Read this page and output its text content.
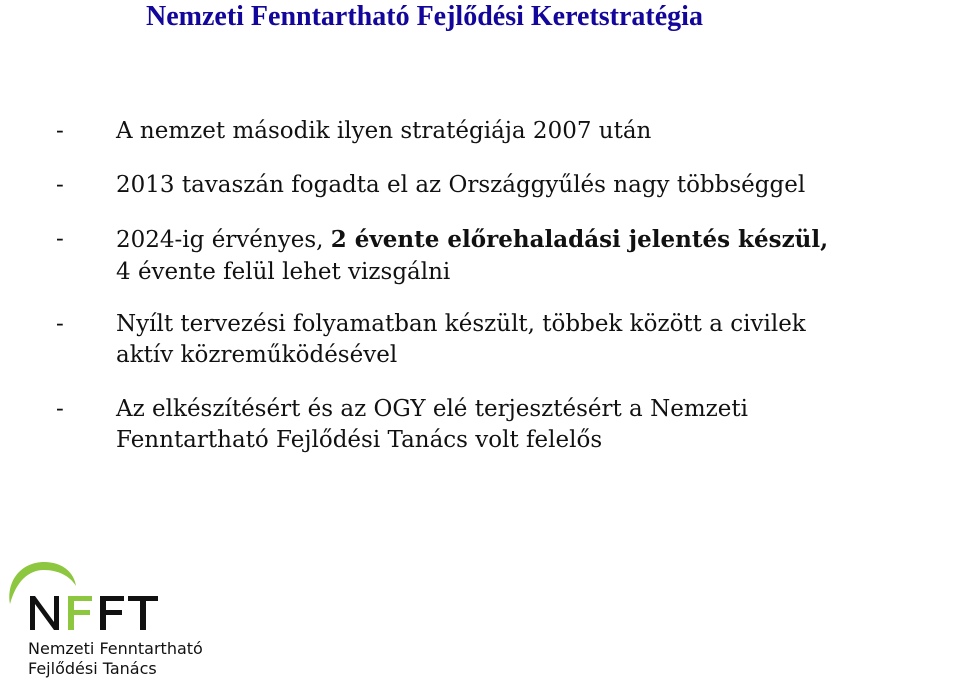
Nemzeti Fenntartható Fejlődési Keretstratégia
- A nemzet második ilyen stratégiája 2007 után
- 2013 tavaszán fogadta el az Országgyűlés nagy többséggel
- 2024-ig érvényes, 2 évente előrehaladási jelentés készül,
4 évente felül lehet vizsgálni
- Nyílt tervezési folyamatban készült, többek között a civilek
aktív közreműködésével
- Az elkészítésért és az OGY elé terjesztésért a Nemzeti
Fenntartható Fejlődési Tanács volt felelős
Nemzeti Fenntartható
Fejlődési Tanács
